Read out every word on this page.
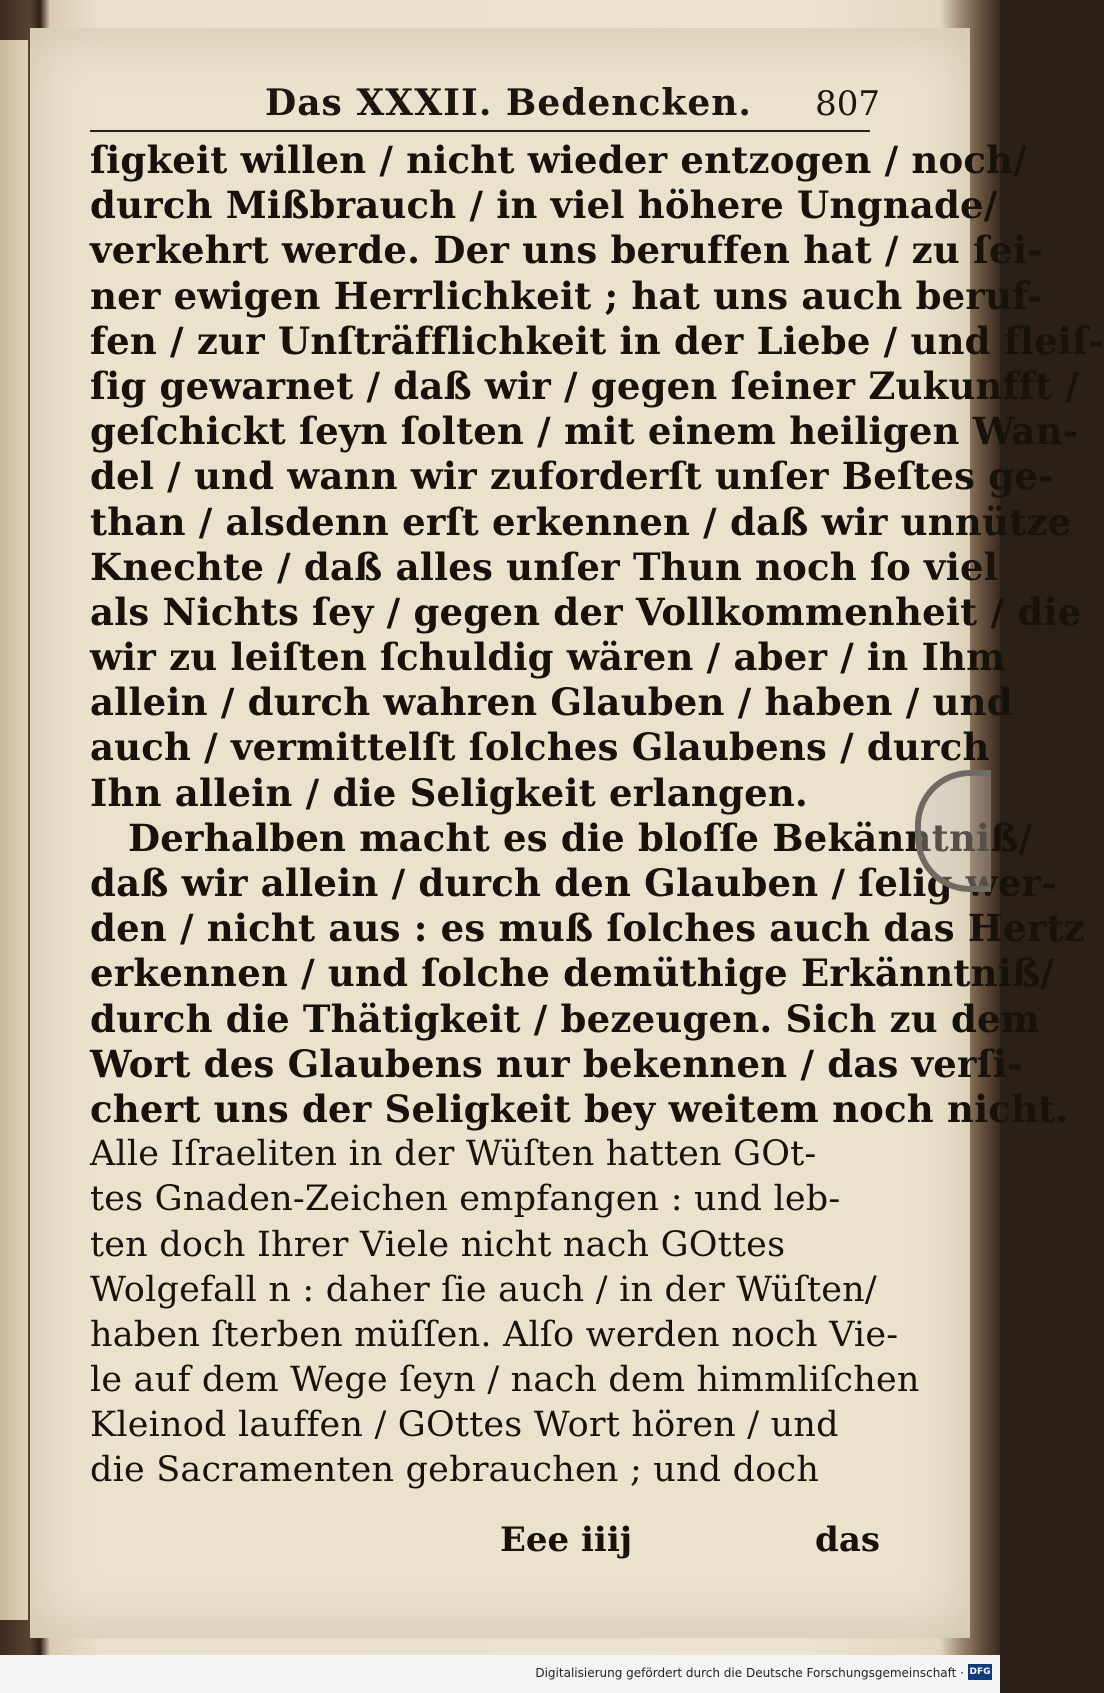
Das XXXII. Bedencken. 807
ſigkeit willen / nicht wieder entzogen / noch/
durch Mißbrauch / in viel höhere Ungnade/
verkehrt werde. Der uns beruffen hat / zu ſei-
ner ewigen Herrlichkeit ; hat uns auch beruf-
fen / zur Unſträfflichkeit in der Liebe / und fleiſ-
ſig gewarnet / daß wir / gegen ſeiner Zukunfft /
geſchickt ſeyn ſolten / mit einem heiligen Wan-
del / und wann wir zuforderſt unſer Beſtes ge-
than / alsdenn erſt erkennen / daß wir unnütze
Knechte / daß alles unſer Thun noch ſo viel
als Nichts ſey / gegen der Vollkommenheit / die
wir zu leiſten ſchuldig wären / aber / in Ihm
allein / durch wahren Glauben / haben / und
auch / vermittelſt ſolches Glaubens / durch
Ihn allein / die Seligkeit erlangen.
Derhalben macht es die bloſſe Bekänntniß/
daß wir allein / durch den Glauben / ſelig wer-
den / nicht aus : es muß ſolches auch das Hertz
erkennen / und ſolche demüthige Erkänntniß/
durch die Thätigkeit / bezeugen. Sich zu dem
Wort des Glaubens nur bekennen / das verſi-
chert uns der Seligkeit bey weitem noch nicht.
Alle Iſraeliten in der Wüſten hatten GOt-
tes Gnaden-Zeichen empfangen : und leb-
ten doch Ihrer Viele nicht nach GOttes
Wolgefall n : daher ſie auch / in der Wüſten/
haben ſterben müſſen. Alſo werden noch Vie-
le auf dem Wege ſeyn / nach dem himmliſchen
Kleinod lauffen / GOttes Wort hören / und
die Sacramenten gebrauchen ; und doch
Eee iiij	das
Digitalisierung gefördert durch die Deutsche Forschungsgemeinschaft · DFG
